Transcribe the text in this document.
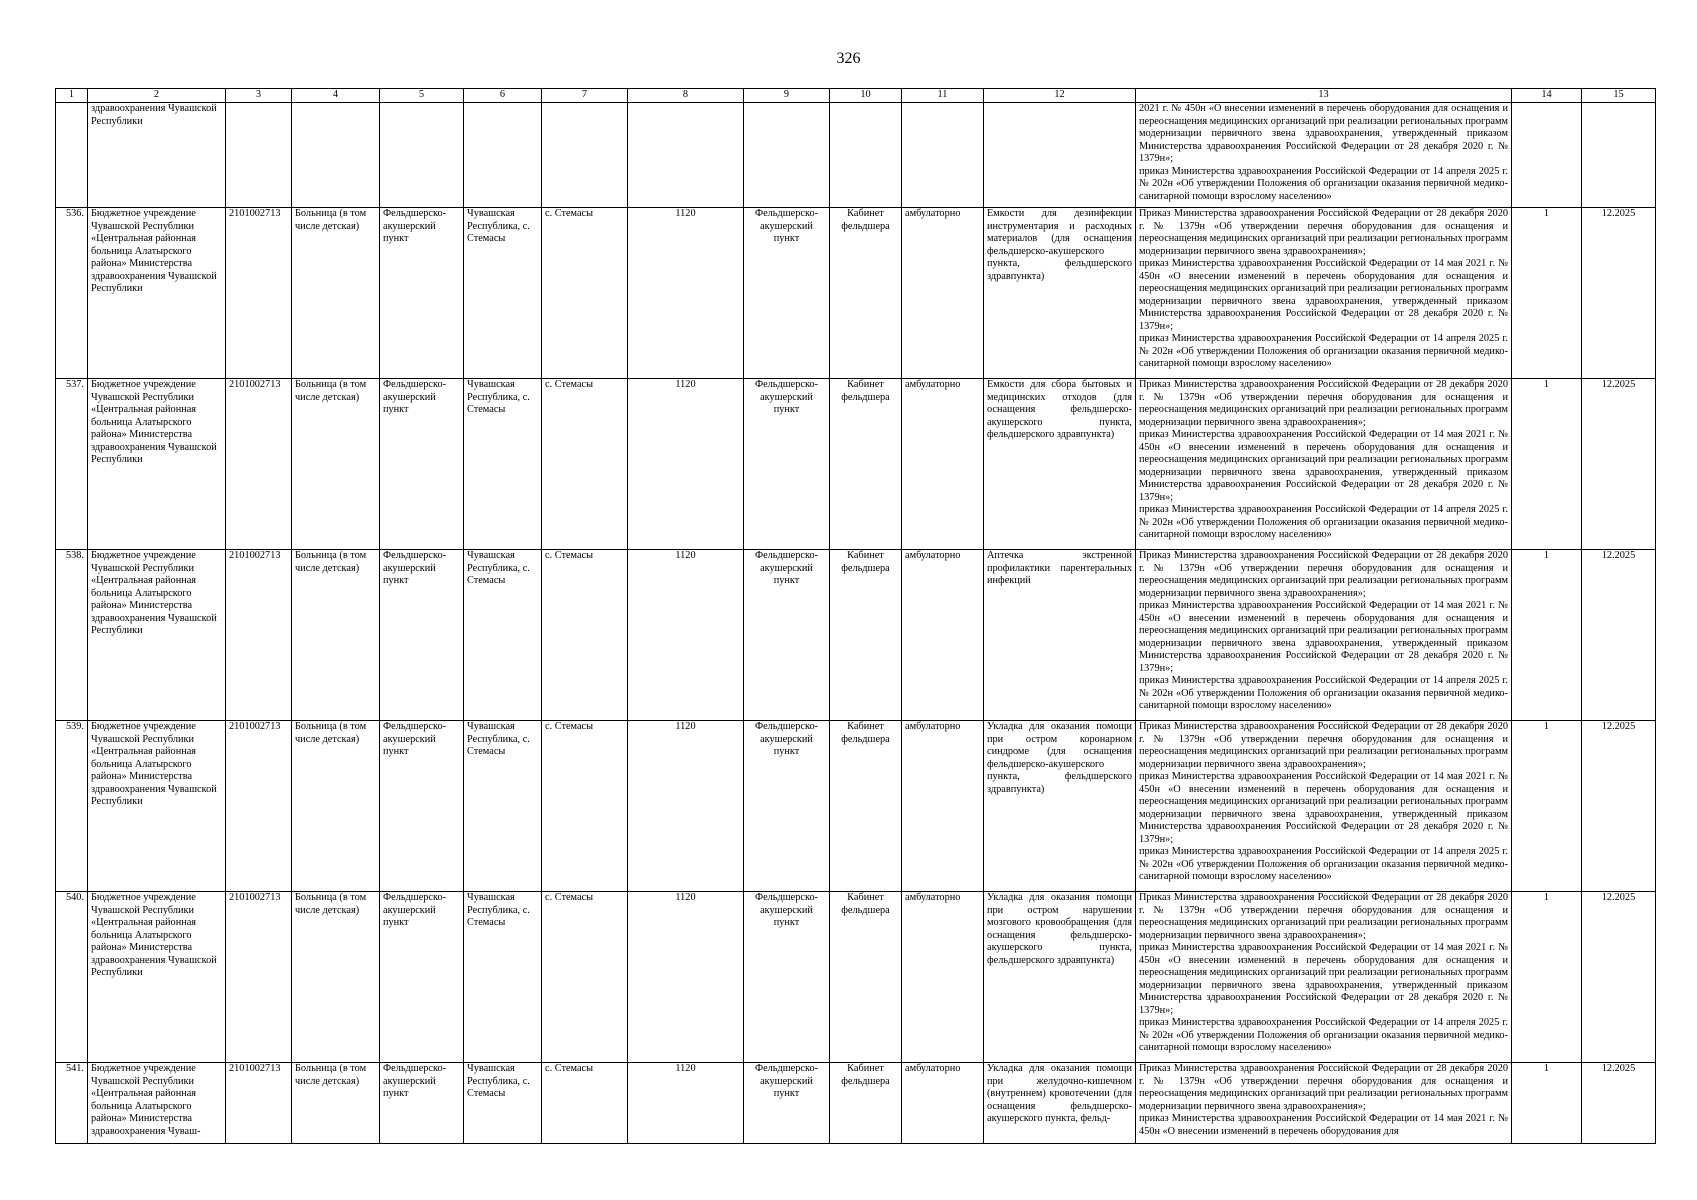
326
1	2	3	4	5	6	7	8	9	10	11	12	13	14	15
	здравоохранения Чувашской Республики											2021 г. № 450н «О внесении изменений в перечень оборудования для оснащения и переоснащения медицинских организаций при реализации региональных программ модернизации первичного звена здравоохранения, утвержденный приказом Министерства здравоохранения Российской Федерации от 28 декабря 2020 г. № 1379н»;
приказ Министерства здравоохранения Российской Федерации от 14 апреля 2025 г. № 202н «Об утверждении Положения об организации оказания первичной медико-санитарной помощи взрослому населению»		
536.	Бюджетное учреждение Чувашской Республики «Центральная районная больница Алатырского района» Министерства здравоохранения Чувашской Республики	2101002713	Больница (в том числе детская)	Фельдшерско-акушерский пункт	Чувашская Республика, с. Стемасы	с. Стемасы	1120	Фельдшерско-акушерский пункт	Кабинет фельдшера	амбулаторно	Емкости для дезинфекции инструментария и расходных материалов (для оснащения фельдшерско-акушерского пункта, фельдшерского здравпункта)	Приказ Министерства здравоохранения Российской Федерации от 28 декабря 2020 г. № 1379н «Об утверждении перечня оборудования для оснащения и переоснащения медицинских организаций при реализации региональных программ модернизации первичного звена здравоохранения»;
приказ Министерства здравоохранения Российской Федерации от 14 мая 2021 г. № 450н «О внесении изменений в перечень оборудования для оснащения и переоснащения медицинских организаций при реализации региональных программ модернизации первичного звена здравоохранения, утвержденный приказом Министерства здравоохранения Российской Федерации от 28 декабря 2020 г. № 1379н»;
приказ Министерства здравоохранения Российской Федерации от 14 апреля 2025 г. № 202н «Об утверждении Положения об организации оказания первичной медико-санитарной помощи взрослому населению»	1	12.2025
537.	Бюджетное учреждение Чувашской Республики «Центральная районная больница Алатырского района» Министерства здравоохранения Чувашской Республики	2101002713	Больница (в том числе детская)	Фельдшерско-акушерский пункт	Чувашская Республика, с. Стемасы	с. Стемасы	1120	Фельдшерско-акушерский пункт	Кабинет фельдшера	амбулаторно	Емкости для сбора бытовых и медицинских отходов (для оснащения фельдшерско-акушерского пункта, фельдшерского здравпункта)	Приказ Министерства здравоохранения Российской Федерации от 28 декабря 2020 г. № 1379н «Об утверждении перечня оборудования для оснащения и переоснащения медицинских организаций при реализации региональных программ модернизации первичного звена здравоохранения»;
приказ Министерства здравоохранения Российской Федерации от 14 мая 2021 г. № 450н «О внесении изменений в перечень оборудования для оснащения и переоснащения медицинских организаций при реализации региональных программ модернизации первичного звена здравоохранения, утвержденный приказом Министерства здравоохранения Российской Федерации от 28 декабря 2020 г. № 1379н»;
приказ Министерства здравоохранения Российской Федерации от 14 апреля 2025 г. № 202н «Об утверждении Положения об организации оказания первичной медико-санитарной помощи взрослому населению»	1	12.2025
538.	Бюджетное учреждение Чувашской Республики «Центральная районная больница Алатырского района» Министерства здравоохранения Чувашской Республики	2101002713	Больница (в том числе детская)	Фельдшерско-акушерский пункт	Чувашская Республика, с. Стемасы	с. Стемасы	1120	Фельдшерско-акушерский пункт	Кабинет фельдшера	амбулаторно	Аптечка экстренной профилактики парентеральных инфекций	Приказ Министерства здравоохранения Российской Федерации от 28 декабря 2020 г. № 1379н «Об утверждении перечня оборудования для оснащения и переоснащения медицинских организаций при реализации региональных программ модернизации первичного звена здравоохранения»;
приказ Министерства здравоохранения Российской Федерации от 14 мая 2021 г. № 450н «О внесении изменений в перечень оборудования для оснащения и переоснащения медицинских организаций при реализации региональных программ модернизации первичного звена здравоохранения, утвержденный приказом Министерства здравоохранения Российской Федерации от 28 декабря 2020 г. № 1379н»;
приказ Министерства здравоохранения Российской Федерации от 14 апреля 2025 г. № 202н «Об утверждении Положения об организации оказания первичной медико-санитарной помощи взрослому населению»	1	12.2025
539.	Бюджетное учреждение Чувашской Республики «Центральная районная больница Алатырского района» Министерства здравоохранения Чувашской Республики	2101002713	Больница (в том числе детская)	Фельдшерско-акушерский пункт	Чувашская Республика, с. Стемасы	с. Стемасы	1120	Фельдшерско-акушерский пункт	Кабинет фельдшера	амбулаторно	Укладка для оказания помощи при остром коронарном синдроме (для оснащения фельдшерско-акушерского пункта, фельдшерского здравпункта)	Приказ Министерства здравоохранения Российской Федерации от 28 декабря 2020 г. № 1379н «Об утверждении перечня оборудования для оснащения и переоснащения медицинских организаций при реализации региональных программ модернизации первичного звена здравоохранения»;
приказ Министерства здравоохранения Российской Федерации от 14 мая 2021 г. № 450н «О внесении изменений в перечень оборудования для оснащения и переоснащения медицинских организаций при реализации региональных программ модернизации первичного звена здравоохранения, утвержденный приказом Министерства здравоохранения Российской Федерации от 28 декабря 2020 г. № 1379н»;
приказ Министерства здравоохранения Российской Федерации от 14 апреля 2025 г. № 202н «Об утверждении Положения об организации оказания первичной медико-санитарной помощи взрослому населению»	1	12.2025
540.	Бюджетное учреждение Чувашской Республики «Центральная районная больница Алатырского района» Министерства здравоохранения Чувашской Республики	2101002713	Больница (в том числе детская)	Фельдшерско-акушерский пункт	Чувашская Республика, с. Стемасы	с. Стемасы	1120	Фельдшерско-акушерский пункт	Кабинет фельдшера	амбулаторно	Укладка для оказания помощи при остром нарушении мозгового кровообращения (для оснащения фельдшерско-акушерского пункта, фельдшерского здравпункта)	Приказ Министерства здравоохранения Российской Федерации от 28 декабря 2020 г. № 1379н «Об утверждении перечня оборудования для оснащения и переоснащения медицинских организаций при реализации региональных программ модернизации первичного звена здравоохранения»;
приказ Министерства здравоохранения Российской Федерации от 14 мая 2021 г. № 450н «О внесении изменений в перечень оборудования для оснащения и переоснащения медицинских организаций при реализации региональных программ модернизации первичного звена здравоохранения, утвержденный приказом Министерства здравоохранения Российской Федерации от 28 декабря 2020 г. № 1379н»;
приказ Министерства здравоохранения Российской Федерации от 14 апреля 2025 г. № 202н «Об утверждении Положения об организации оказания первичной медико-санитарной помощи взрослому населению»	1	12.2025
541.	Бюджетное учреждение Чувашской Республики «Центральная районная больница Алатырского района» Министерства здравоохранения Чуваш-	2101002713	Больница (в том числе детская)	Фельдшерско-акушерский пункт	Чувашская Республика, с. Стемасы	с. Стемасы	1120	Фельдшерско-акушерский пункт	Кабинет фельдшера	амбулаторно	Укладка для оказания помощи при желудочно-кишечном (внутреннем) кровотечении (для оснащения фельдшерско-акушерского пункта, фельд-	Приказ Министерства здравоохранения Российской Федерации от 28 декабря 2020 г. № 1379н «Об утверждении перечня оборудования для оснащения и переоснащения медицинских организаций при реализации региональных программ модернизации первичного звена здравоохранения»;
приказ Министерства здравоохранения Российской Федерации от 14 мая 2021 г. № 450н «О внесении изменений в перечень оборудования для	1	12.2025
